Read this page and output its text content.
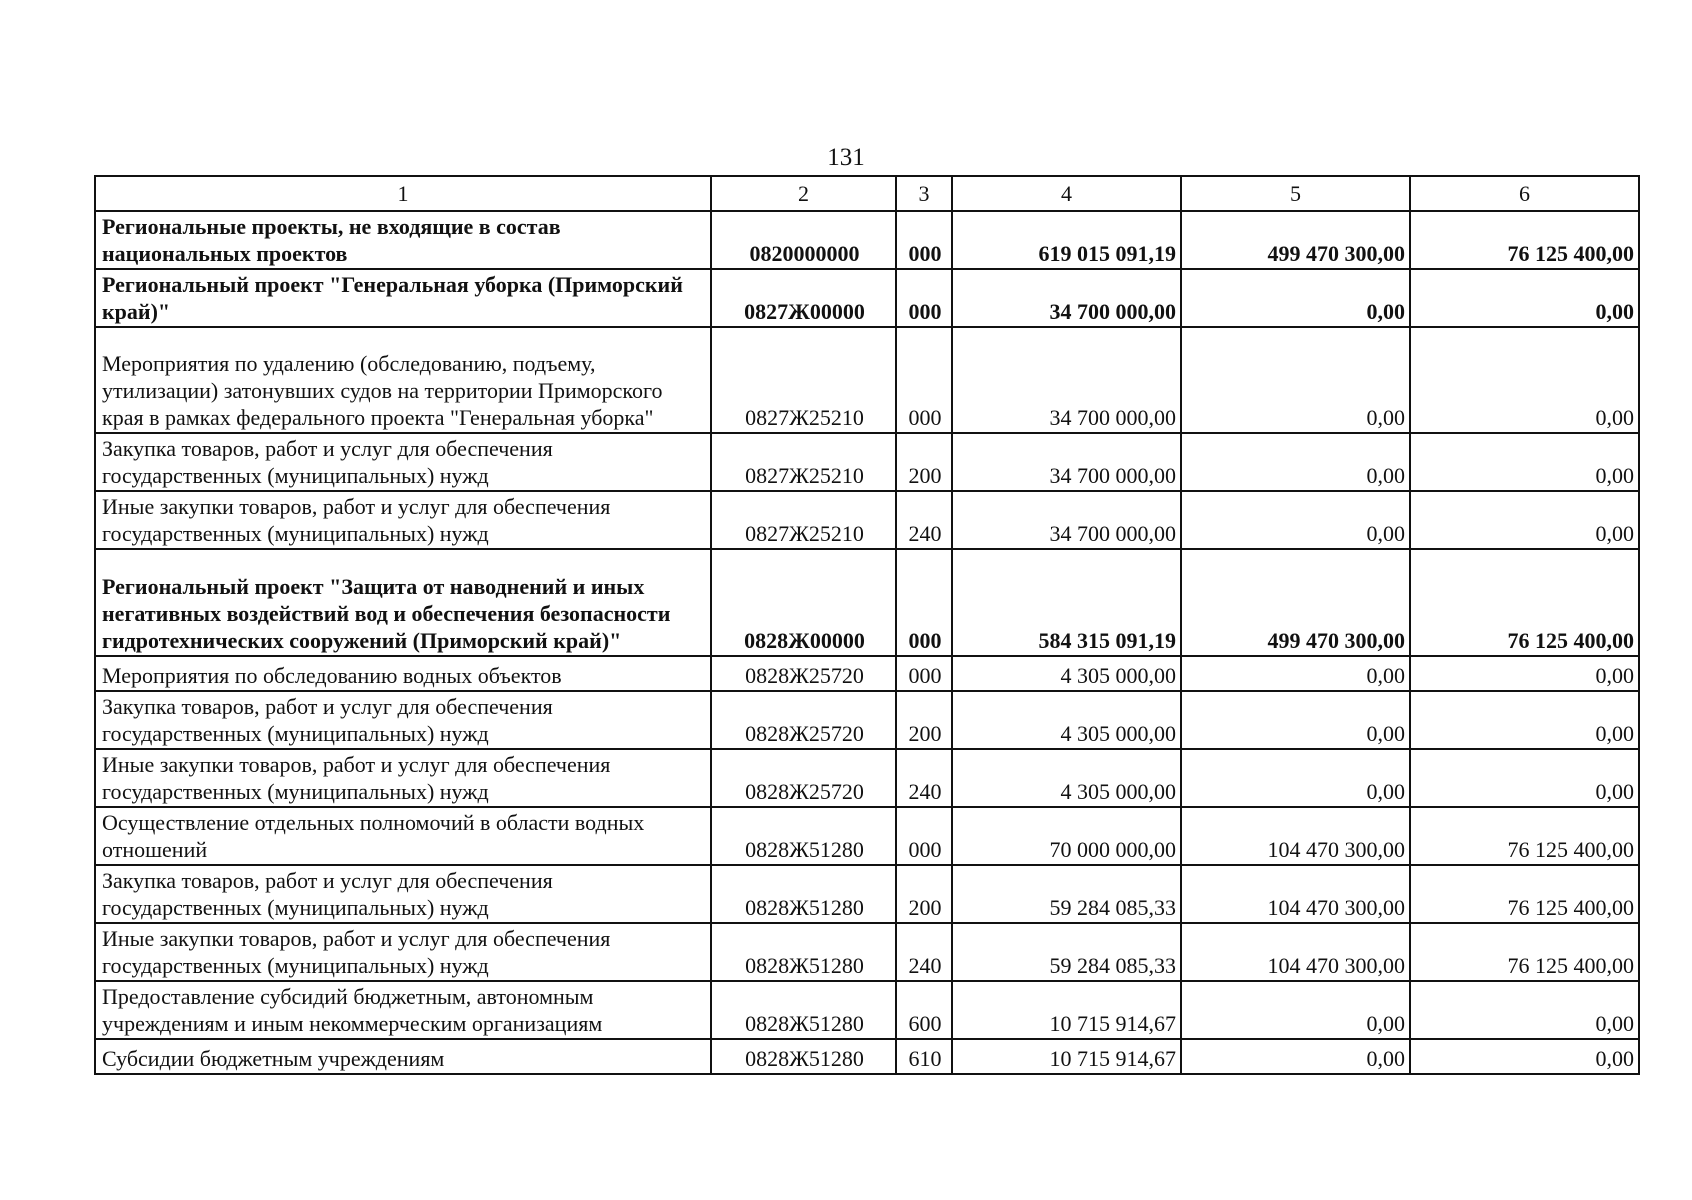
131
1	2	3	4	5	6
Региональные проекты, не входящие в состав национальных проектов	0820000000	000	619 015 091,19	499 470 300,00	76 125 400,00
Региональный проект "Генеральная уборка (Приморский край)"	0827Ж00000	000	34 700 000,00	0,00	0,00
Мероприятия по удалению (обследованию, подъему, утилизации) затонувших судов на территории Приморского края в рамках федерального проекта "Генеральная уборка"	0827Ж25210	000	34 700 000,00	0,00	0,00
Закупка товаров, работ и услуг для обеспечения государственных (муниципальных) нужд	0827Ж25210	200	34 700 000,00	0,00	0,00
Иные закупки товаров, работ и услуг для обеспечения государственных (муниципальных) нужд	0827Ж25210	240	34 700 000,00	0,00	0,00
Региональный проект "Защита от наводнений и иных негативных воздействий вод и обеспечения безопасности гидротехнических сооружений (Приморский край)"	0828Ж00000	000	584 315 091,19	499 470 300,00	76 125 400,00
Мероприятия по обследованию водных объектов	0828Ж25720	000	4 305 000,00	0,00	0,00
Закупка товаров, работ и услуг для обеспечения государственных (муниципальных) нужд	0828Ж25720	200	4 305 000,00	0,00	0,00
Иные закупки товаров, работ и услуг для обеспечения государственных (муниципальных) нужд	0828Ж25720	240	4 305 000,00	0,00	0,00
Осуществление отдельных полномочий в области водных отношений	0828Ж51280	000	70 000 000,00	104 470 300,00	76 125 400,00
Закупка товаров, работ и услуг для обеспечения государственных (муниципальных) нужд	0828Ж51280	200	59 284 085,33	104 470 300,00	76 125 400,00
Иные закупки товаров, работ и услуг для обеспечения государственных (муниципальных) нужд	0828Ж51280	240	59 284 085,33	104 470 300,00	76 125 400,00
Предоставление субсидий бюджетным, автономным учреждениям и иным некоммерческим организациям	0828Ж51280	600	10 715 914,67	0,00	0,00
Субсидии бюджетным учреждениям	0828Ж51280	610	10 715 914,67	0,00	0,00
